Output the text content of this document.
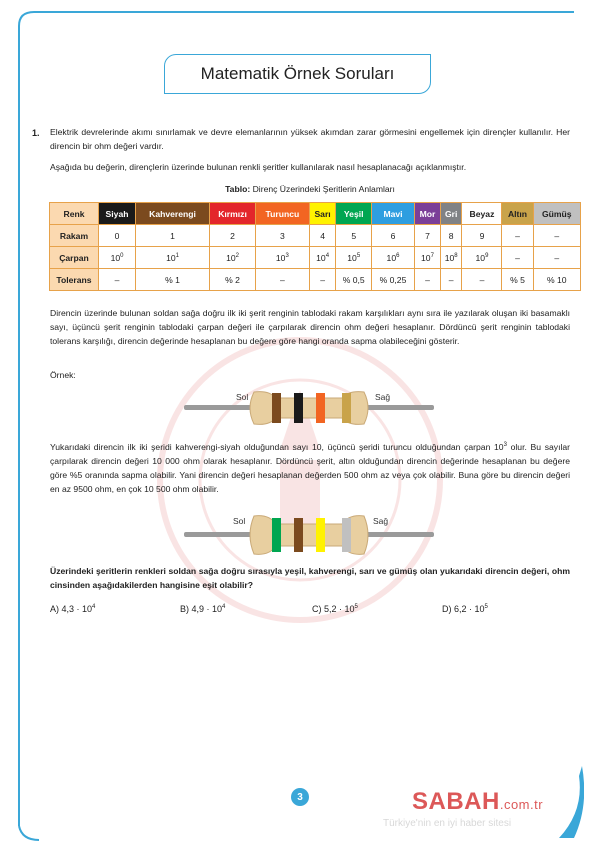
Matematik Örnek Soruları
1. Elektrik devrelerinde akımı sınırlamak ve devre elemanlarının yüksek akımdan zarar görmesini engellemek için dirençler kullanılır. Her direncin bir ohm değeri vardır.
Aşağıda bu değerin, dirençlerin üzerinde bulunan renkli şeritler kullanılarak nasıl hesaplanacağı açıklanmıştır.
Tablo: Direnç Üzerindeki Şeritlerin Anlamları
Renk	Siyah	Kahverengi	Kırmızı	Turuncu	Sarı	Yeşil	Mavi	Mor	Gri	Beyaz	Altın	Gümüş
Rakam	0	1	2	3	4	5	6	7	8	9	–	–
Çarpan	$10^0$	$10^1$	$10^2$	$10^3$	$10^4$	$10^5$	$10^6$	$10^7$	$10^8$	$10^9$	–	–
Tolerans	–	% 1	% 2	–	–	% 0,5	% 0,25	–	–	–	% 5	% 10
Direncin üzerinde bulunan soldan sağa doğru ilk iki şerit renginin tablodaki rakam karşılıkları aynı sıra ile yazılarak oluşan iki basamaklı sayı, üçüncü şerit renginin tablodaki çarpan değeri ile çarpılarak direncin ohm değeri hesaplanır. Dördüncü şerit renginin tablodaki tolerans karşılığı, direncin değerinde hesaplanan bu değere göre hangi oranda sapma olabileceğini gösterir.
Örnek:
Sol	Sağ
Yukarıdaki direncin ilk iki şeridi kahverengi-siyah olduğundan sayı 10, üçüncü şeridi turuncu olduğundan çarpan $10^3$ olur. Bu sayılar çarpılarak direncin değeri 10 000 ohm olarak hesaplanır. Dördüncü şerit, altın olduğundan direncin değerinde hesaplanan bu değere göre %5 oranında sapma olabilir. Yani direncin değeri hesaplanan değerden 500 ohm az veya çok olabilir. Buna göre bu direncin değeri en az 9500 ohm, en çok 10 500 ohm olabilir.
Sol	Sağ
Üzerindeki şeritlerin renkleri soldan sağa doğru sırasıyla yeşil, kahverengi, sarı ve gümüş olan yukarıdaki direncin değeri, ohm cinsinden aşağıdakilerden hangisine eşit olabilir?
A) $4,3 \cdot 10^4$	B) $4,9 \cdot 10^4$	C) $5,2 \cdot 10^5$	D) $6,2 \cdot 10^5$
3	SABAH.com.tr
Türkiye'nin en iyi haber sitesi
